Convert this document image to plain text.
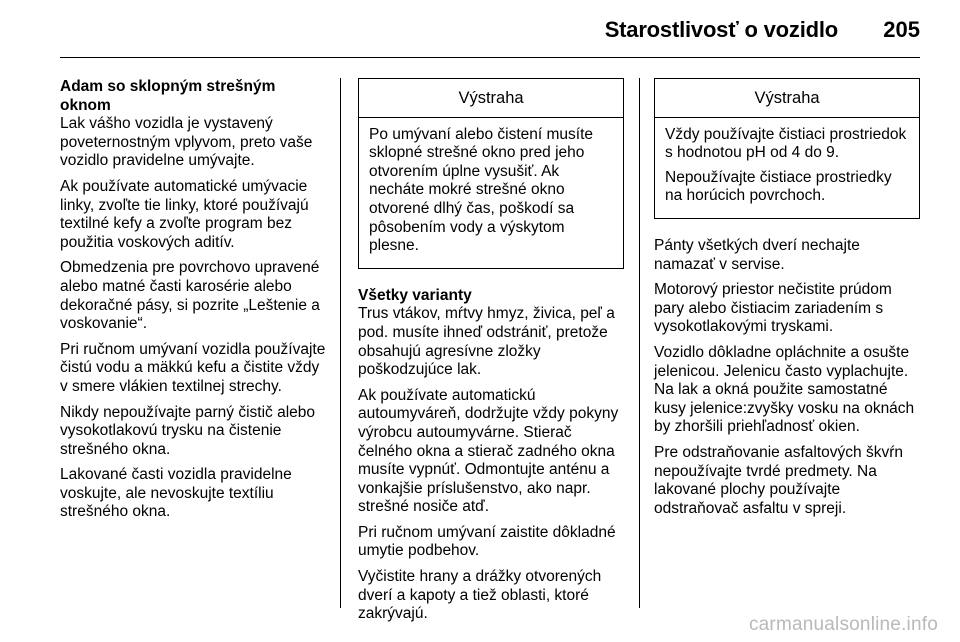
Starostlivosť o vozidlo 205

Adam so sklopným strešným oknom
Lak vášho vozidla je vystavený poveternostným vplyvom, preto vaše vozidlo pravidelne umývajte.

Ak používate automatické umývacie linky, zvoľte tie linky, ktoré používajú textilné kefy a zvoľte program bez použitia voskových aditív.

Obmedzenia pre povrchovo upravené alebo matné časti karosérie alebo dekoračné pásy, si pozrite „Leštenie a voskovanie“.

Pri ručnom umývaní vozidla používajte čistú vodu a mäkkú kefu a čistite vždy v smere vlákien textilnej strechy.

Nikdy nepoužívajte parný čistič alebo vysokotlakovú trysku na čistenie strešného okna.

Lakované časti vozidla pravidelne voskujte, ale nevoskujte textíliu strešného okna.

Výstraha

Po umývaní alebo čistení musíte sklopné strešné okno pred jeho otvorením úplne vysušiť. Ak necháte mokré strešné okno otvorené dlhý čas, poškodí sa pôsobením vody a výskytom plesne.

Všetky varianty
Trus vtákov, mŕtvy hmyz, živica, peľ a pod. musíte ihneď odstrániť, pretože obsahujú agresívne zložky poškodzujúce lak.

Ak používate automatickú autoumyváreň, dodržujte vždy pokyny výrobcu autoumyvárne. Stierač čelného okna a stierač zadného okna musíte vypnúť. Odmontujte anténu a vonkajšie príslušenstvo, ako napr. strešné nosiče atď.

Pri ručnom umývaní zaistite dôkladné umytie podbehov.

Vyčistite hrany a drážky otvorených dverí a kapoty a tiež oblasti, ktoré zakrývajú.

Výstraha

Vždy používajte čistiaci prostriedok s hodnotou pH od 4 do 9.

Nepoužívajte čistiace prostriedky na horúcich povrchoch.

Pánty všetkých dverí nechajte namazať v servise.

Motorový priestor nečistite prúdom pary alebo čistiacim zariadením s vysokotlakovými tryskami.

Vozidlo dôkladne opláchnite a osušte jelenicou. Jelenicu často vyplachujte. Na lak a okná použite samostatné kusy jelenice:zvyšky vosku na oknách by zhoršili priehľadnosť okien.

Pre odstraňovanie asfaltových škvŕn nepoužívajte tvrdé predmety. Na lakované plochy používajte odstraňovač asfaltu v spreji.

carmanualsonline.info
